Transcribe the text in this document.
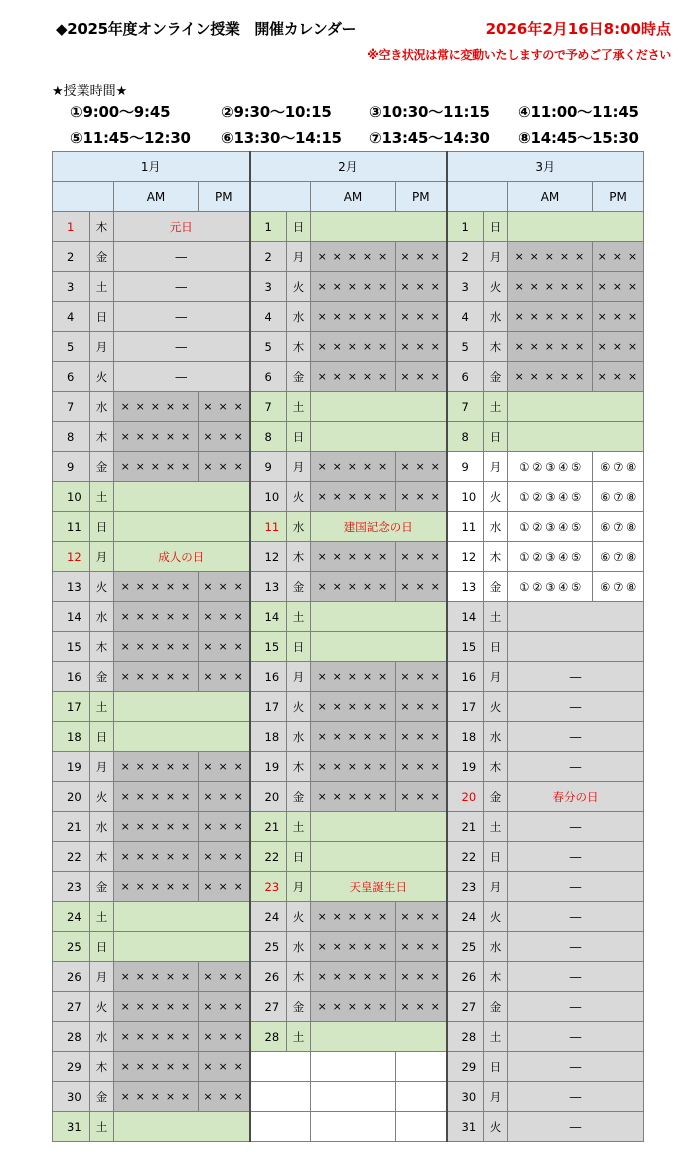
◆2025年度オンライン授業　開催カレンダー	2026年2月16日8:00時点
※空き状況は常に変動いたしますので予めご了承ください
★授業時間★
①9:00～9:45	②9:30～10:15 ③10:30～11:15 ④11:00～11:45
⑤11:45～12:30 ⑥13:30～14:15 ⑦13:45～14:30 ⑧14:45～15:30
1月				2月				3月			
		AM	PM			AM	PM			AM	PM
1	木	元日		1	日			1	日		
2	金	―		2	月	× × × × ×	× × ×	2	月	× × × × ×	× × ×
3	土	―		3	火	× × × × ×	× × ×	3	火	× × × × ×	× × ×
4	日	―		4	水	× × × × ×	× × ×	4	水	× × × × ×	× × ×
5	月	―		5	木	× × × × ×	× × ×	5	木	× × × × ×	× × ×
6	火	―		6	金	× × × × ×	× × ×	6	金	× × × × ×	× × ×
7	水	× × × × ×	× × ×	7	土			7	土		
8	木	× × × × ×	× × ×	8	日			8	日		
9	金	× × × × ×	× × ×	9	月	× × × × ×	× × ×	9	月	① ② ③ ④ ⑤	⑥ ⑦ ⑧
10	土			10	火	× × × × ×	× × ×	10	火	① ② ③ ④ ⑤	⑥ ⑦ ⑧
11	日			11	水	建国記念の日		11	水	① ② ③ ④ ⑤	⑥ ⑦ ⑧
12	月	成人の日		12	木	× × × × ×	× × ×	12	木	① ② ③ ④ ⑤	⑥ ⑦ ⑧
13	火	× × × × ×	× × ×	13	金	× × × × ×	× × ×	13	金	① ② ③ ④ ⑤	⑥ ⑦ ⑧
14	水	× × × × ×	× × ×	14	土			14	土		
15	木	× × × × ×	× × ×	15	日			15	日		
16	金	× × × × ×	× × ×	16	月	× × × × ×	× × ×	16	月	―	
17	土			17	火	× × × × ×	× × ×	17	火	―	
18	日			18	水	× × × × ×	× × ×	18	水	―	
19	月	× × × × ×	× × ×	19	木	× × × × ×	× × ×	19	木	―	
20	火	× × × × ×	× × ×	20	金	× × × × ×	× × ×	20	金	春分の日	
21	水	× × × × ×	× × ×	21	土			21	土	―	
22	木	× × × × ×	× × ×	22	日			22	日	―	
23	金	× × × × ×	× × ×	23	月	天皇誕生日		23	月	―	
24	土			24	火	× × × × ×	× × ×	24	火	―	
25	日			25	水	× × × × ×	× × ×	25	水	―	
26	月	× × × × ×	× × ×	26	木	× × × × ×	× × ×	26	木	―	
27	火	× × × × ×	× × ×	27	金	× × × × ×	× × ×	27	金	―	
28	水	× × × × ×	× × ×	28	土			28	土	―	
29	木	× × × × ×	× × ×					29	日	―	
30	金	× × × × ×	× × ×					30	月	―	
31	土							31	火	―	
